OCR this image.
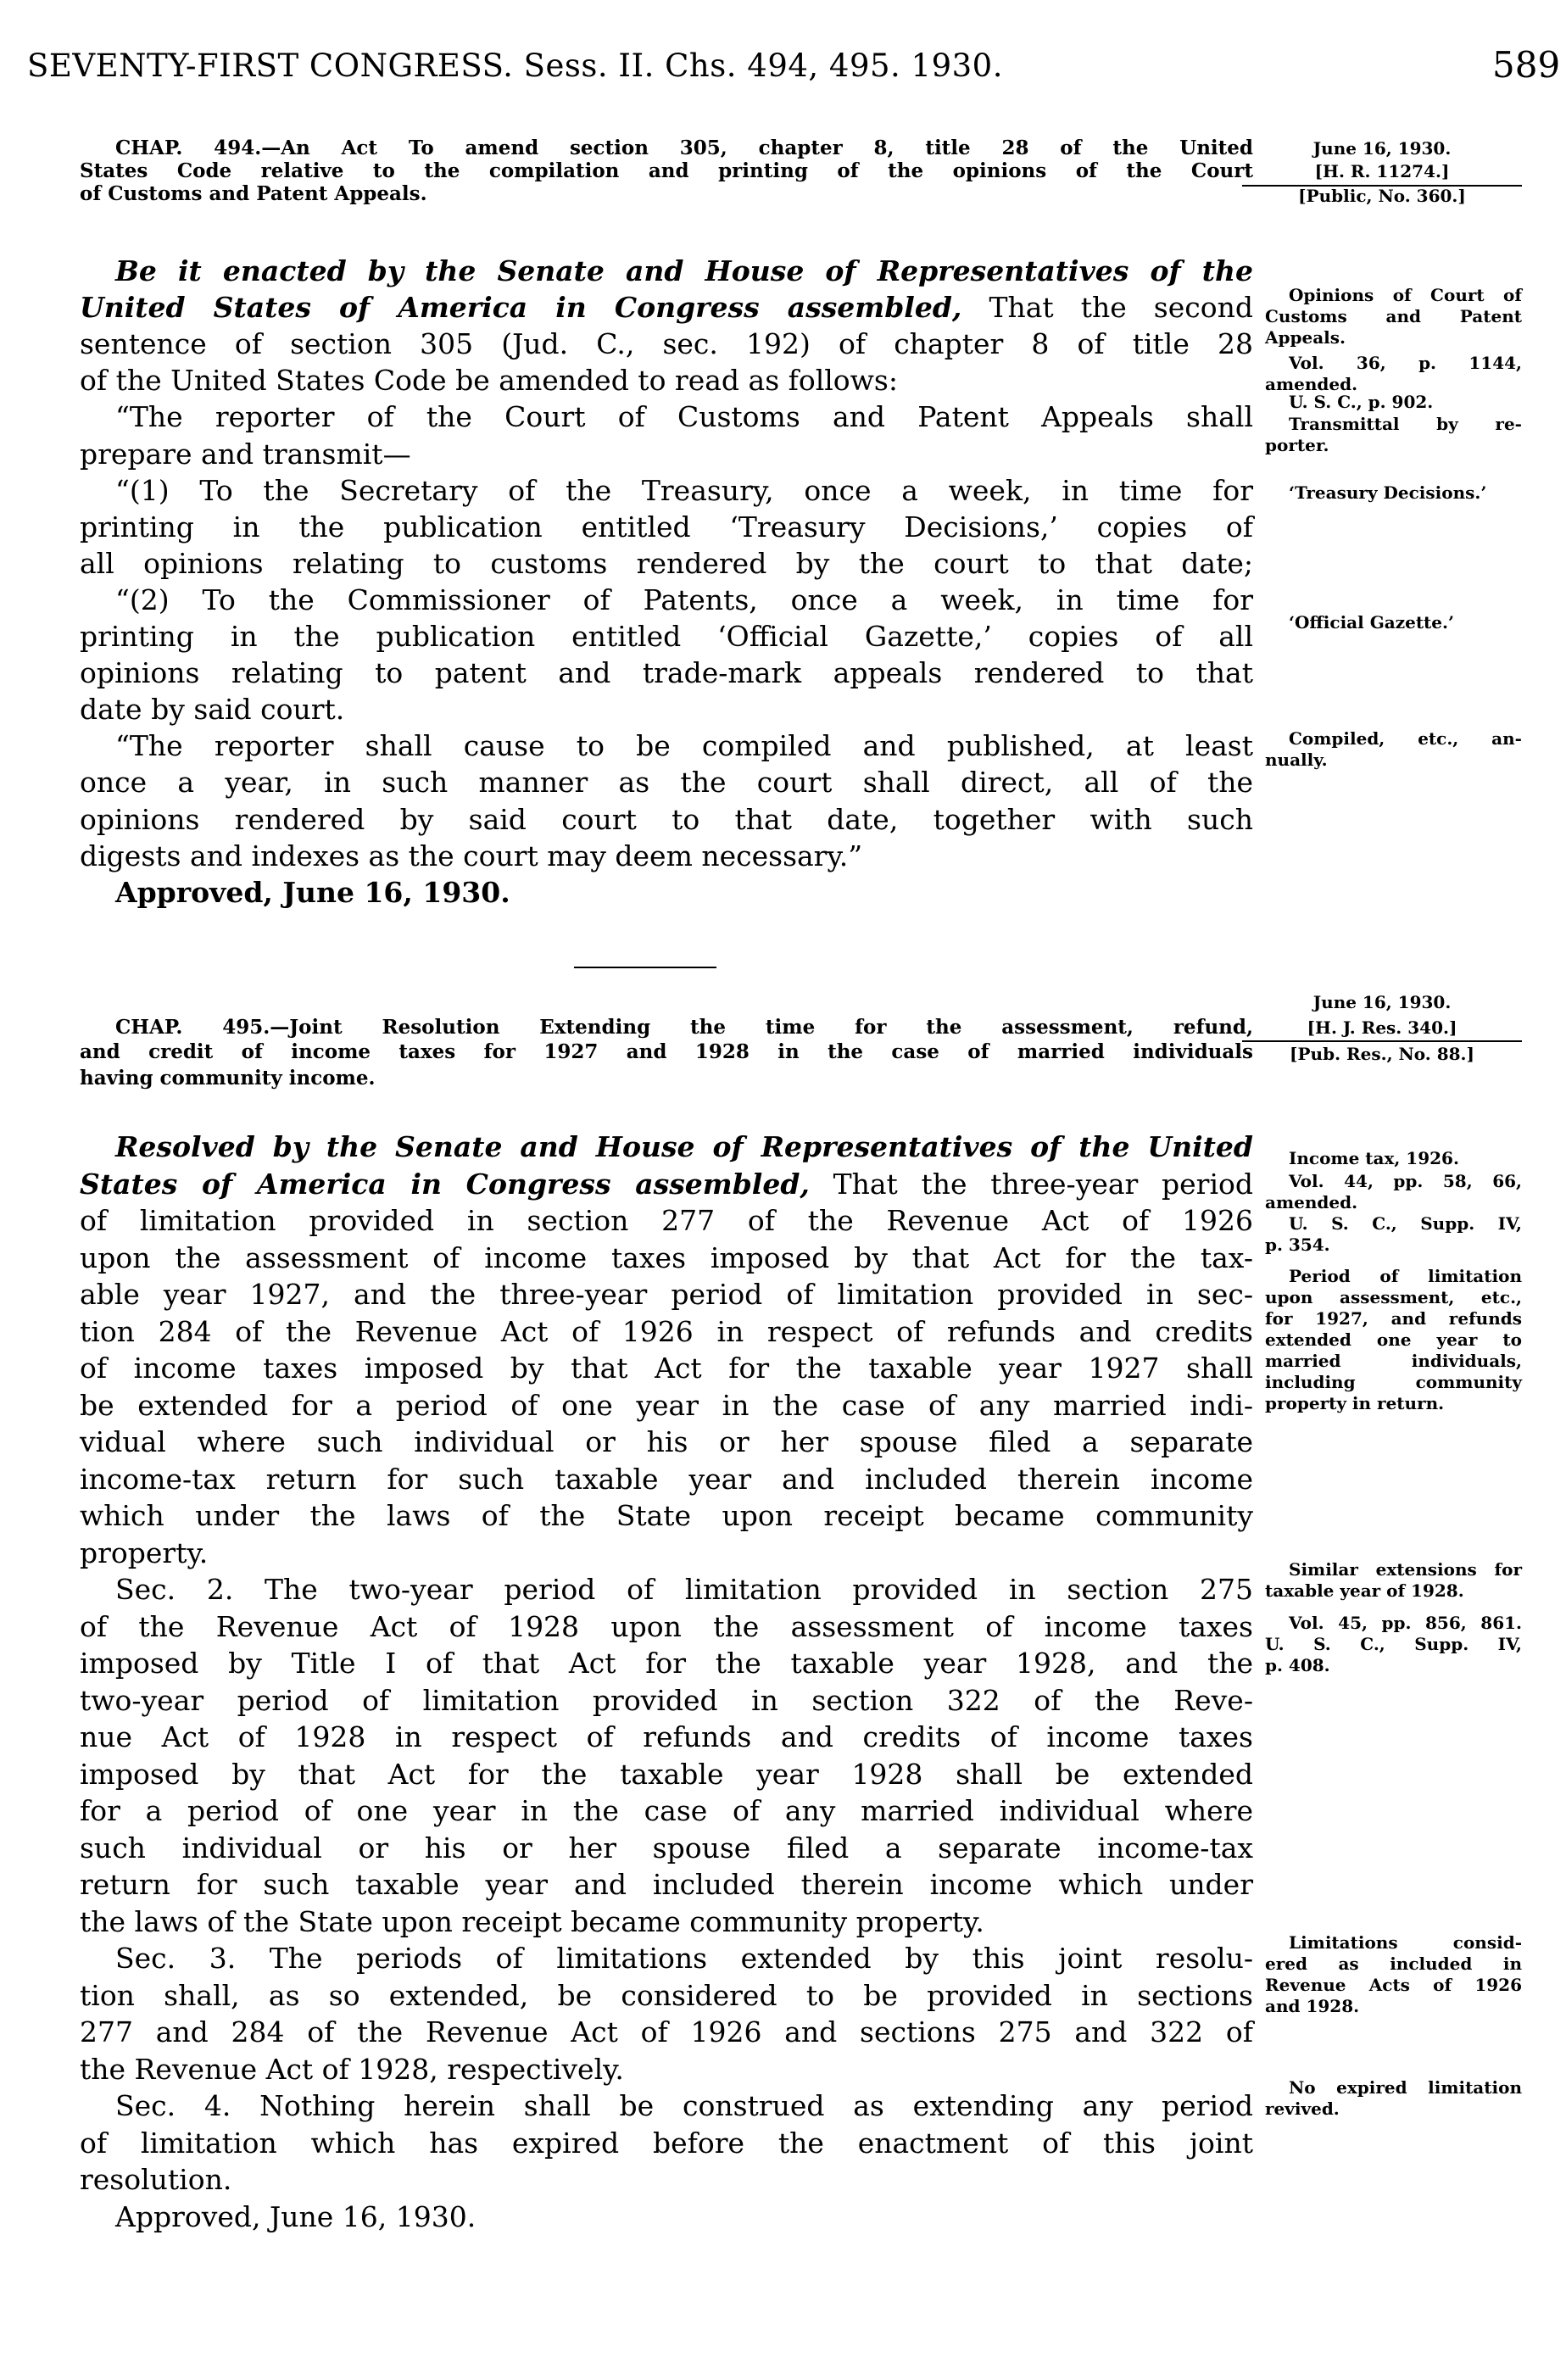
SEVENTY-FIRST CONGRESS. Sess. II. Chs. 494, 495. 1930.	589
June 16, 1930.
[H. R. 11274.]
[Public, No. 360.]
CHAP. 494.—An Act To amend section 305, chapter 8, title 28 of the United
States Code relative to the compilation and printing of the opinions of the Court
of Customs and Patent Appeals.
Be it enacted by the Senate and House of Representatives of the
United States of America in Congress assembled, That the second
sentence of section 305 (Jud. C., sec. 192) of chapter 8 of title 28
of the United States Code be amended to read as follows:
“The reporter of the Court of Customs and Patent Appeals shall
prepare and transmit—
“(1) To the Secretary of the Treasury, once a week, in time for
printing in the publication entitled ‘Treasury Decisions,’ copies of
all opinions relating to customs rendered by the court to that date;
“(2) To the Commissioner of Patents, once a week, in time for
printing in the publication entitled ‘Official Gazette,’ copies of all
opinions relating to patent and trade-mark appeals rendered to that
date by said court.
“The reporter shall cause to be compiled and published, at least
once a year, in such manner as the court shall direct, all of the
opinions rendered by said court to that date, together with such
digests and indexes as the court may deem necessary.”
Approved, June 16, 1930.
Opinions of Court of
Customs and Patent
Appeals.
Vol. 36, p. 1144,
amended.
U. S. C., p. 902.
Transmittal by re-
porter.
‘Treasury Decisions.’
‘Official Gazette.’
Compiled, etc., an-
nually.
June 16, 1930.
[H. J. Res. 340.]
[Pub. Res., No. 88.]
CHAP. 495.—Joint Resolution Extending the time for the assessment, refund,
and credit of income taxes for 1927 and 1928 in the case of married individuals
having community income.
Resolved by the Senate and House of Representatives of the United
States of America in Congress assembled, That the three-year period
of limitation provided in section 277 of the Revenue Act of 1926
upon the assessment of income taxes imposed by that Act for the tax-
able year 1927, and the three-year period of limitation provided in sec-
tion 284 of the Revenue Act of 1926 in respect of refunds and credits
of income taxes imposed by that Act for the taxable year 1927 shall
be extended for a period of one year in the case of any married indi-
vidual where such individual or his or her spouse filed a separate
income-tax return for such taxable year and included therein income
which under the laws of the State upon receipt became community
property.
Sec. 2. The two-year period of limitation provided in section 275
of the Revenue Act of 1928 upon the assessment of income taxes
imposed by Title I of that Act for the taxable year 1928, and the
two-year period of limitation provided in section 322 of the Reve-
nue Act of 1928 in respect of refunds and credits of income taxes
imposed by that Act for the taxable year 1928 shall be extended
for a period of one year in the case of any married individual where
such individual or his or her spouse filed a separate income-tax
return for such taxable year and included therein income which under
the laws of the State upon receipt became community property.
Sec. 3. The periods of limitations extended by this joint resolu-
tion shall, as so extended, be considered to be provided in sections
277 and 284 of the Revenue Act of 1926 and sections 275 and 322 of
the Revenue Act of 1928, respectively.
Sec. 4. Nothing herein shall be construed as extending any period
of limitation which has expired before the enactment of this joint
resolution.
Approved, June 16, 1930.
Income tax, 1926.
Vol. 44, pp. 58, 66,
amended.
U. S. C., Supp. IV,
p. 354.
Period of limitation
upon assessment, etc.,
for 1927, and refunds
extended one year to
married individuals,
including community
property in return.
Similar extensions for
taxable year of 1928.
Vol. 45, pp. 856, 861.
U. S. C., Supp. IV,
p. 408.
Limitations consid-
ered as included in
Revenue Acts of 1926
and 1928.
No expired limitation
revived.
